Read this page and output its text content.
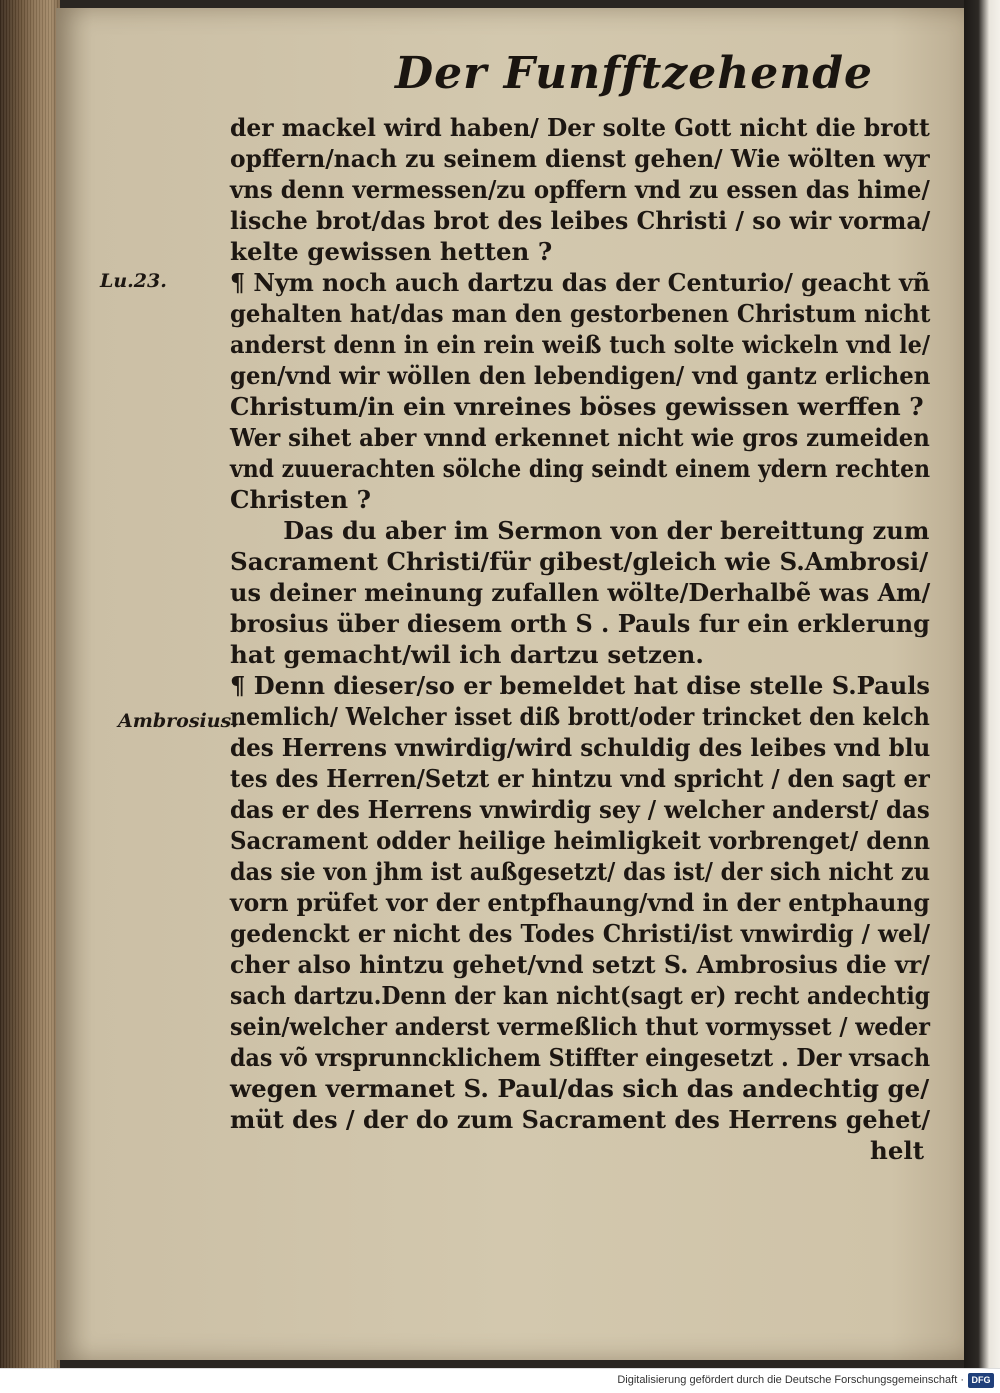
Der Funfftzehende
Lu.23.
Ambrosius.
der mackel wird haben/ Der solte Gott nicht die brott
opffern/nach zu seinem dienst gehen/ Wie wölten wyr
vns denn vermessen/zu opffern vnd zu essen das hime/
lische brot/das brot des leibes Christi / so wir vorma/
kelte gewissen hetten ?
¶ Nym noch auch dartzu das der Centurio/ geacht vñ
gehalten hat/das man den gestorbenen Christum nicht
anderst denn in ein rein weiß tuch solte wickeln vnd le/
gen/vnd wir wöllen den lebendigen/ vnd gantz erlichen
Christum/in ein vnreines böses gewissen werffen ?
Wer sihet aber vnnd erkennet nicht wie gros zumeiden
vnd zuuerachten sölche ding seindt einem ydern rechten
Christen ?
Das du aber im Sermon von der bereittung zum
Sacrament Christi/für gibest/gleich wie S.Ambrosi/
us deiner meinung zufallen wölte/Derhalbẽ was Am/
brosius über diesem orth S . Pauls fur ein erklerung
hat gemacht/wil ich dartzu setzen.
¶ Denn dieser/so er bemeldet hat dise stelle S.Pauls
nemlich/ Welcher isset diß brott/oder trincket den kelch
des Herrens vnwirdig/wird schuldig des leibes vnd blu
tes des Herren/Setzt er hintzu vnd spricht / den sagt er
das er des Herrens vnwirdig sey / welcher anderst/ das
Sacrament odder heilige heimligkeit vorbrenget/ denn
das sie von jhm ist außgesetzt/ das ist/ der sich nicht zu
vorn prüfet vor der entpfhaung/vnd in der entphaung
gedenckt er nicht des Todes Christi/ist vnwirdig / wel/
cher also hintzu gehet/vnd setzt S. Ambrosius die vr/
sach dartzu.Denn der kan nicht(sagt er) recht andechtig
sein/welcher anderst vermeßlich thut vormysset / weder
das võ vrsprunncklichem Stiffter eingesetzt . Der vrsach
wegen vermanet S. Paul/das sich das andechtig ge/
müt des / der do zum Sacrament des Herrens gehet/
helt
Digitalisierung gefördert durch die Deutsche Forschungsgemeinschaft · DFG
